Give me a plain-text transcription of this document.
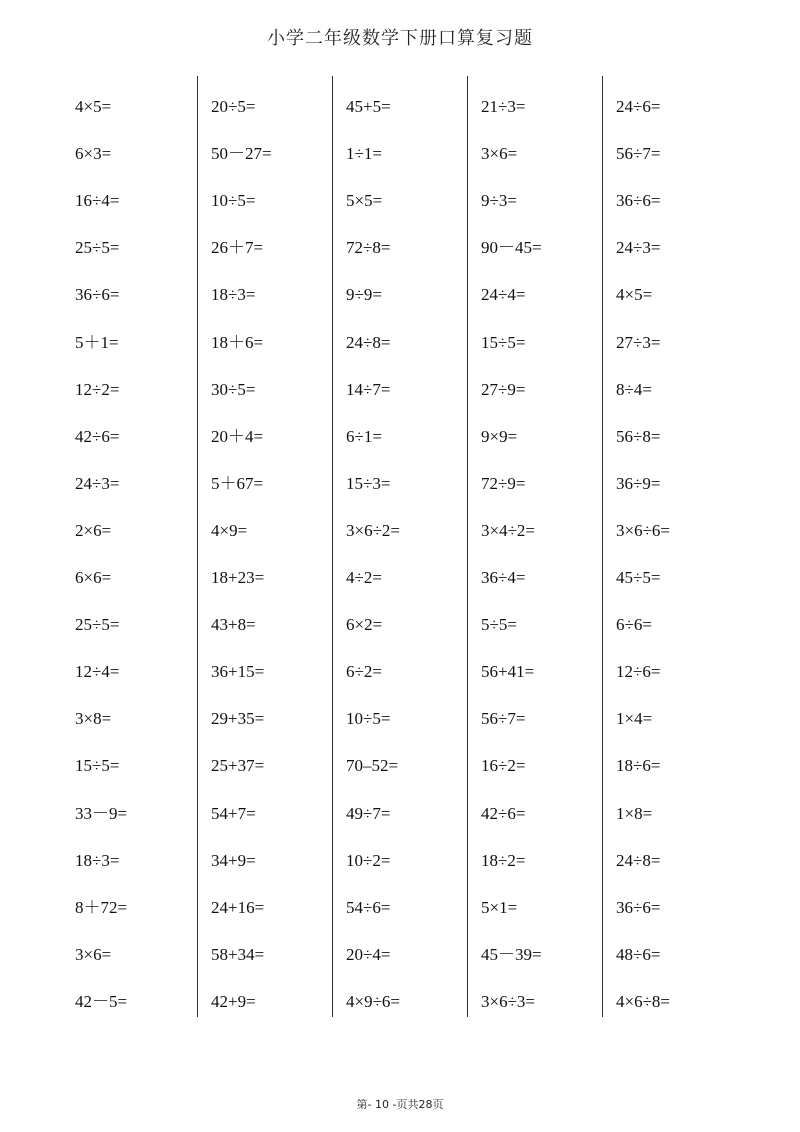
小学二年级数学下册口算复习题
4×5=
6×3=
16÷4=
25÷5=
36÷6=
5＋1=
12÷2=
42÷6=
24÷3=
2×6=
6×6=
25÷5=
12÷4=
3×8=
15÷5=
33－9=
18÷3=
8＋72=
3×6=
42－5=
20÷5=
50－27=
10÷5=
26＋7=
18÷3=
18＋6=
30÷5=
20＋4=
5＋67=
4×9=
18+23=
43+8=
36+15=
29+35=
25+37=
54+7=
34+9=
24+16=
58+34=
42+9=
45+5=
1÷1=
5×5=
72÷8=
9÷9=
24÷8=
14÷7=
6÷1=
15÷3=
3×6÷2=
4÷2=
6×2=
6÷2=
10÷5=
70–52=
49÷7=
10÷2=
54÷6=
20÷4=
4×9÷6=
21÷3=
3×6=
9÷3=
90－45=
24÷4=
15÷5=
27÷9=
9×9=
72÷9=
3×4÷2=
36÷4=
5÷5=
56+41=
56÷7=
16÷2=
42÷6=
18÷2=
5×1=
45－39=
3×6÷3=
24÷6=
56÷7=
36÷6=
24÷3=
4×5=
27÷3=
8÷4=
56÷8=
36÷9=
3×6÷6=
45÷5=
6÷6=
12÷6=
1×4=
18÷6=
1×8=
24÷8=
36÷6=
48÷6=
4×6÷8=
第- 10 -页共28页
